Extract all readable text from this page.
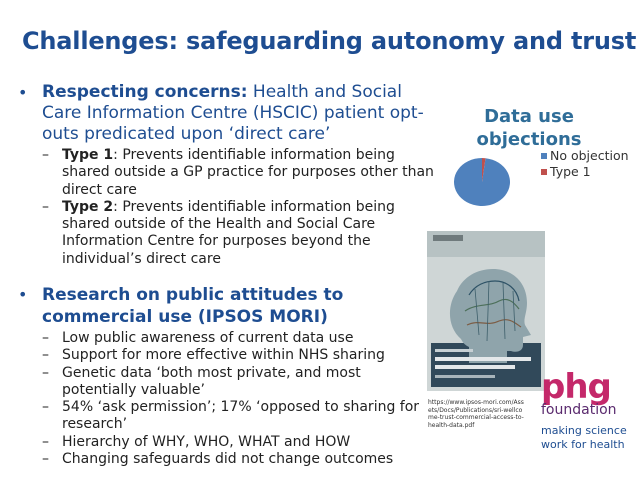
Challenges: safeguarding autonomy and trust
• Respecting concerns: Health and Social Care Information Centre (HSCIC) patient opt-outs predicated upon ‘direct care’
– Type 1: Prevents identifiable information being shared outside a GP practice for purposes other than direct care
– Type 2: Prevents identifiable information being shared outside of the Health and Social Care Information Centre for purposes beyond the individual’s direct care
• Research on public attitudes to commercial use (IPSOS MORI)
– Low public awareness of current data use
– Support for more effective within NHS sharing
– Genetic data ‘both most private, and most potentially valuable’
– 54% ‘ask permission’; 17% ‘opposed to sharing for research’
– Hierarchy of WHY, WHO, WHAT and HOW
– Changing safeguards did not change outcomes
Data use objections
No objection
Type 1
https://www.ipsos-mori.com/Assets/Docs/Publications/sri-wellcome-trust-commercial-access-to-health-data.pdf
phg
foundation
making science work for health
